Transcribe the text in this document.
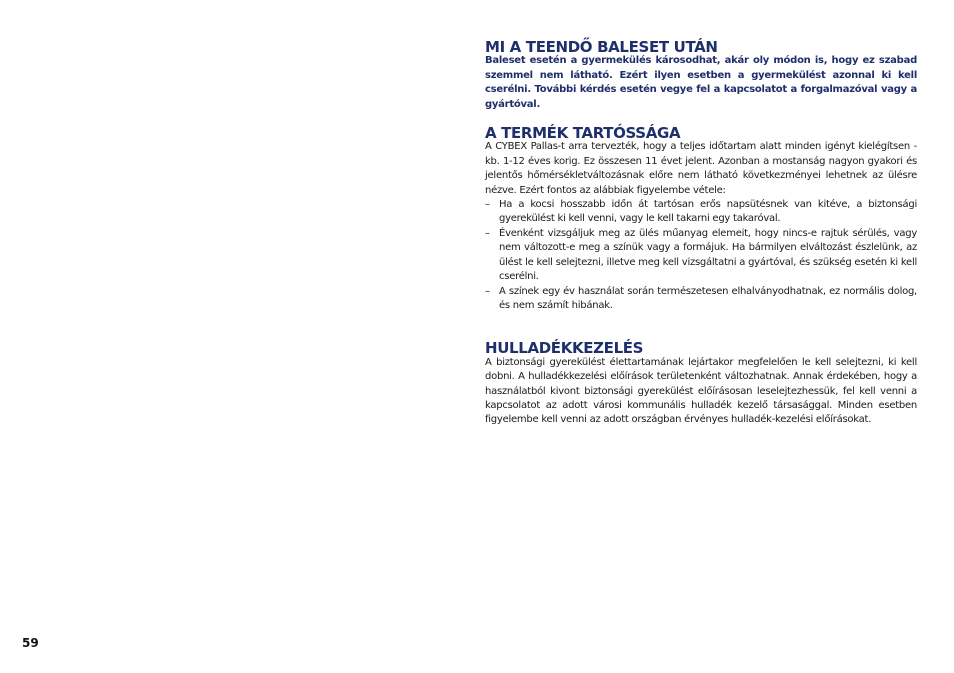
MI A TEENDŐ BALESET UTÁN

Baleset esetén a gyermekülés károsodhat, akár oly módon is, hogy ez szabad szemmel nem látható. Ezért ilyen esetben a gyermekülést azonnal ki kell cserélni. További kérdés esetén vegye fel a kapcsolatot a forgalmazóval vagy a gyártóval.

A TERMÉK TARTÓSSÁGA

A CYBEX Pallas-t arra tervezték, hogy a teljes időtartam alatt minden igényt kielégítsen - kb. 1-12 éves korig. Ez összesen 11 évet jelent. Azonban a mostanság nagyon gyakori és jelentős hőmérsékletváltozásnak előre nem látható következményei lehetnek az ülésre nézve. Ezért fontos az alábbiak figyelembe vétele:

– Ha a kocsi hosszabb időn át tartósan erős napsütésnek van kitéve, a biztonsági gyerekülést ki kell venni, vagy le kell takarni egy takaróval.
– Évenként vizsgáljuk meg az ülés műanyag elemeit, hogy nincs-e rajtuk sérülés, vagy nem változott-e meg a színük vagy a formájuk. Ha bármilyen elváltozást észlelünk, az ülést le kell selejtezni, illetve meg kell vizsgáltatni a gyártóval, és szükség esetén ki kell cserélni.
– A színek egy év használat során természetesen elhalványodhatnak, ez normális dolog, és nem számít hibának.
HULLADÉKKEZELÉS

A biztonsági gyerekülést élettartamának lejártakor megfelelően le kell selejtezni, ki kell dobni. A hulladékkezelési előírások területenként változhatnak. Annak érdekében, hogy a használatból kivont biztonsági gyerekülést előírásosan leselejtezhessük, fel kell venni a kapcsolatot az adott városi kommunális hulladék kezelő társasággal. Minden esetben figyelembe kell venni az adott országban érvényes hulladék-kezelési előírásokat.

59
